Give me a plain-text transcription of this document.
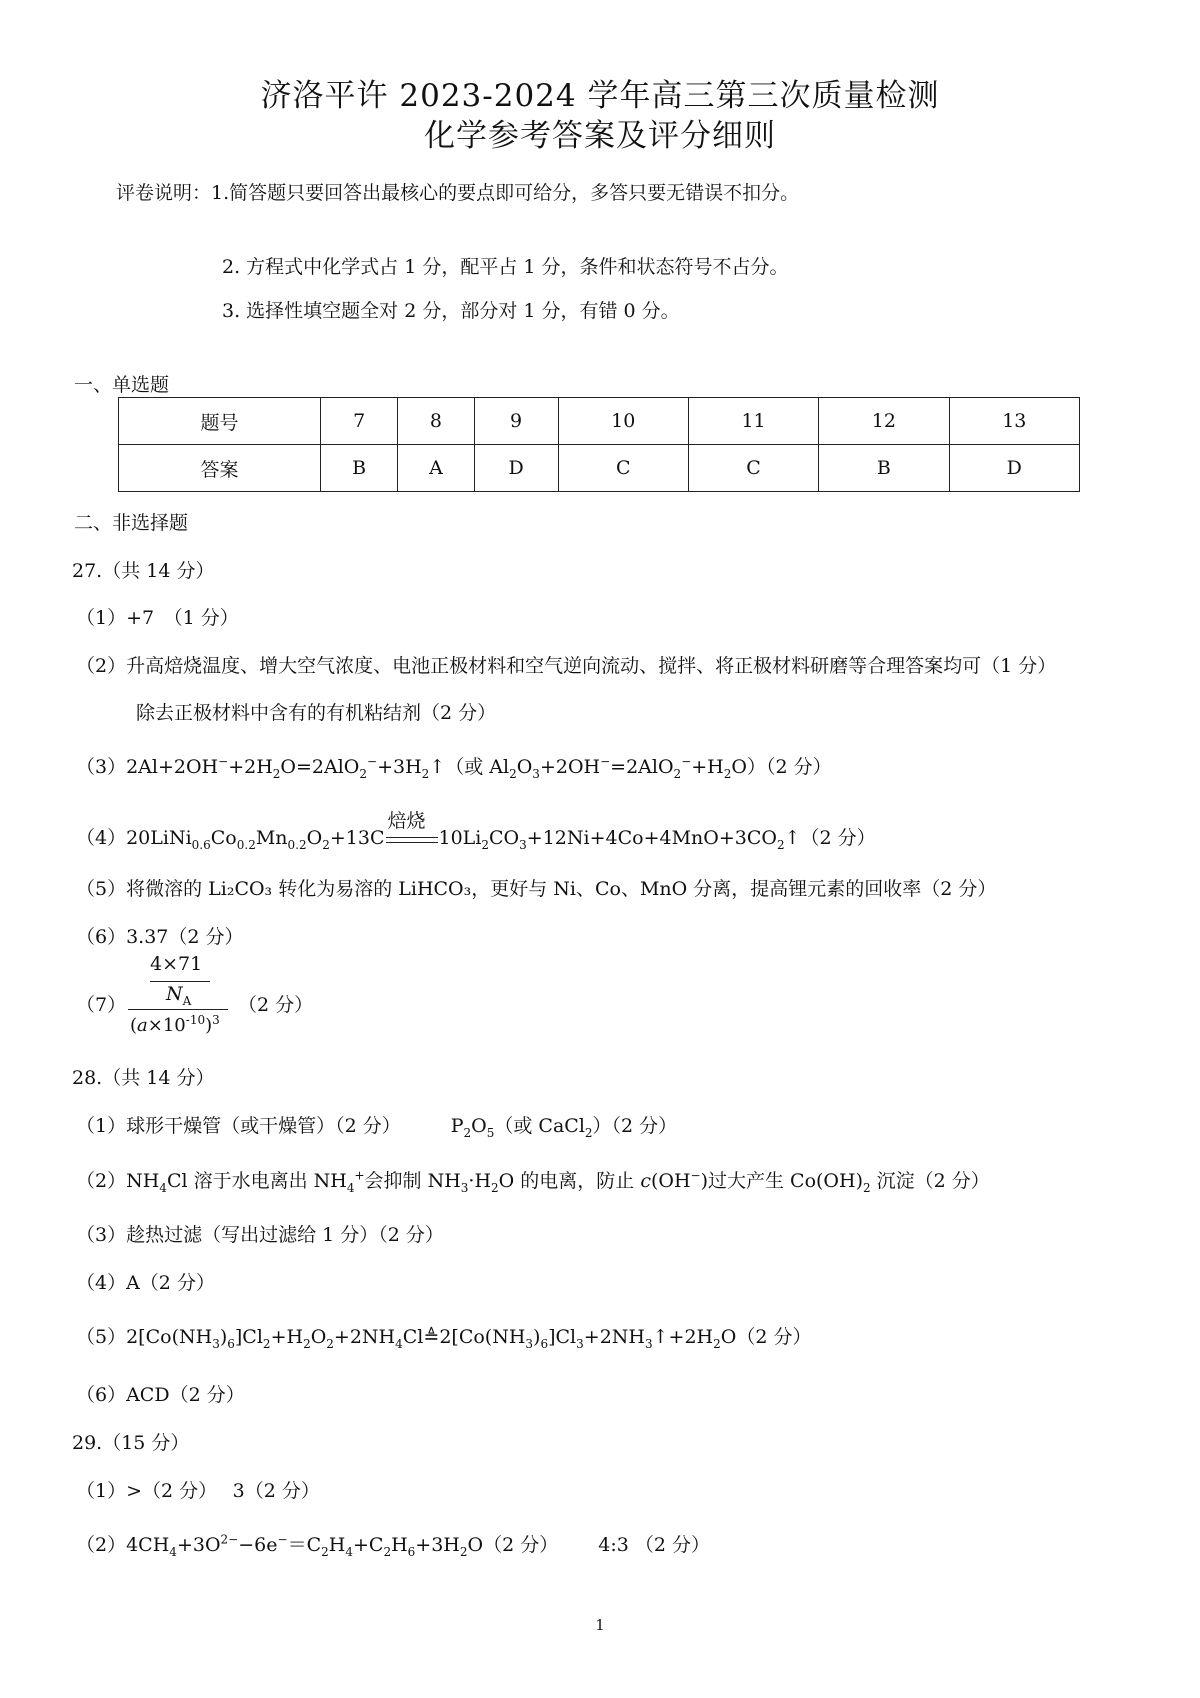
济洛平许 2023-2024 学年高三第三次质量检测
化学参考答案及评分细则
评卷说明：1.简答题只要回答出最核心的要点即可给分，多答只要无错误不扣分。
2. 方程式中化学式占 1 分，配平占 1 分，条件和状态符号不占分。
3. 选择性填空题全对 2 分，部分对 1 分，有错 0 分。
一、单选题
题号	7	8	9	10	11	12	13
答案	B	A	D	C	C	B	D
二、非选择题
27.（共 14 分）
（1）+7　（1 分）
（2）升高焙烧温度、增大空气浓度、电池正极材料和空气逆向流动、搅拌、将正极材料研磨等合理答案均可（1 分）
除去正极材料中含有的有机粘结剂（2 分）
$(3)2Al+2OH^-+2H_2O=2AlO_2^-+3H_2↑$（或 $Al_2O_3+2OH^-=2AlO_2^-+H_2O)(2$ 分）
$(4)20LiNi_{0.6}Co_{0.2}Mn_{0.2}O_2+13C$
焙烧
$10Li_2CO_3+12Ni+4Co+4MnO+3CO_2↑(2$ 分）
（5）将微溶的 Li₂CO₃ 转化为易溶的 LiHCO₃，更好与 Ni、Co、MnO 分离，提高锂元素的回收率（2 分）
（6）3.37（2 分）
（7）
4×71
$N_A$
$(a\times 10^{-10})^3$
（2 分）
28.（共 14 分）
（1）球形干燥管（或干燥管）（2 分）	$P_2O_5$（或 CaCl$_2$）（2 分）
$(2)NH_4Cl$ 溶于水电离出 $NH_4^+$会抑制 $NH_3\cdot H_2O$ 的电离，防止 c(OH−)过大产生 $Co(OH)_2$ 沉淀（2 分）
（3）趁热过滤（写出过滤给 1 分）（2 分）
（4）A（2 分）
$(5)2[Co(NH_3)_6]Cl_2+H_2O_2+2NH_4Cl≜2[Co(NH_3)_6]Cl_3+2NH_3↑+2H_2O(2$ 分）
（6）ACD（2 分）
29.（15 分）
（1）>（2 分）　 3（2 分）
$(2)4CH_4+3O^{2-}-6e^-=C_2H_4+C_2H_6+3H_2O(2$ 分） 4:3 （2 分）
1
